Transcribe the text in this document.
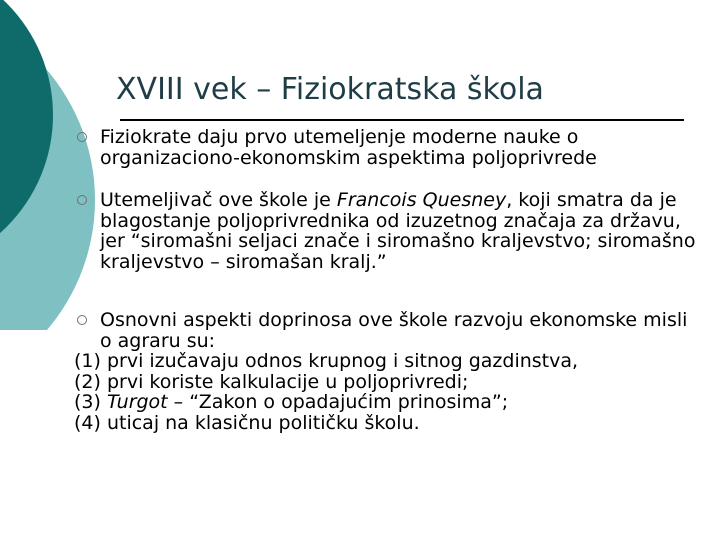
XVIII vek – Fiziokratska škola
Fiziokrate daju prvo utemeljenje moderne nauke o organizaciono-ekonomskim aspektima poljoprivrede
Utemeljivač ove škole je Francois Quesney, koji smatra da je blagostanje poljoprivrednika od izuzetnog značaja za državu, jer “siromašni seljaci znače i siromašno kraljevstvo; siromašno kraljevstvo – siromašan kralj.”
Osnovni aspekti doprinosa ove škole razvoju ekonomske misli o agraru su:
(1) prvi izučavaju odnos krupnog i sitnog gazdinstva,
(2) prvi koriste kalkulacije u poljoprivredi;
(3) Turgot – “Zakon o opadajućim prinosima”;
(4) uticaj na klasičnu političku školu.
